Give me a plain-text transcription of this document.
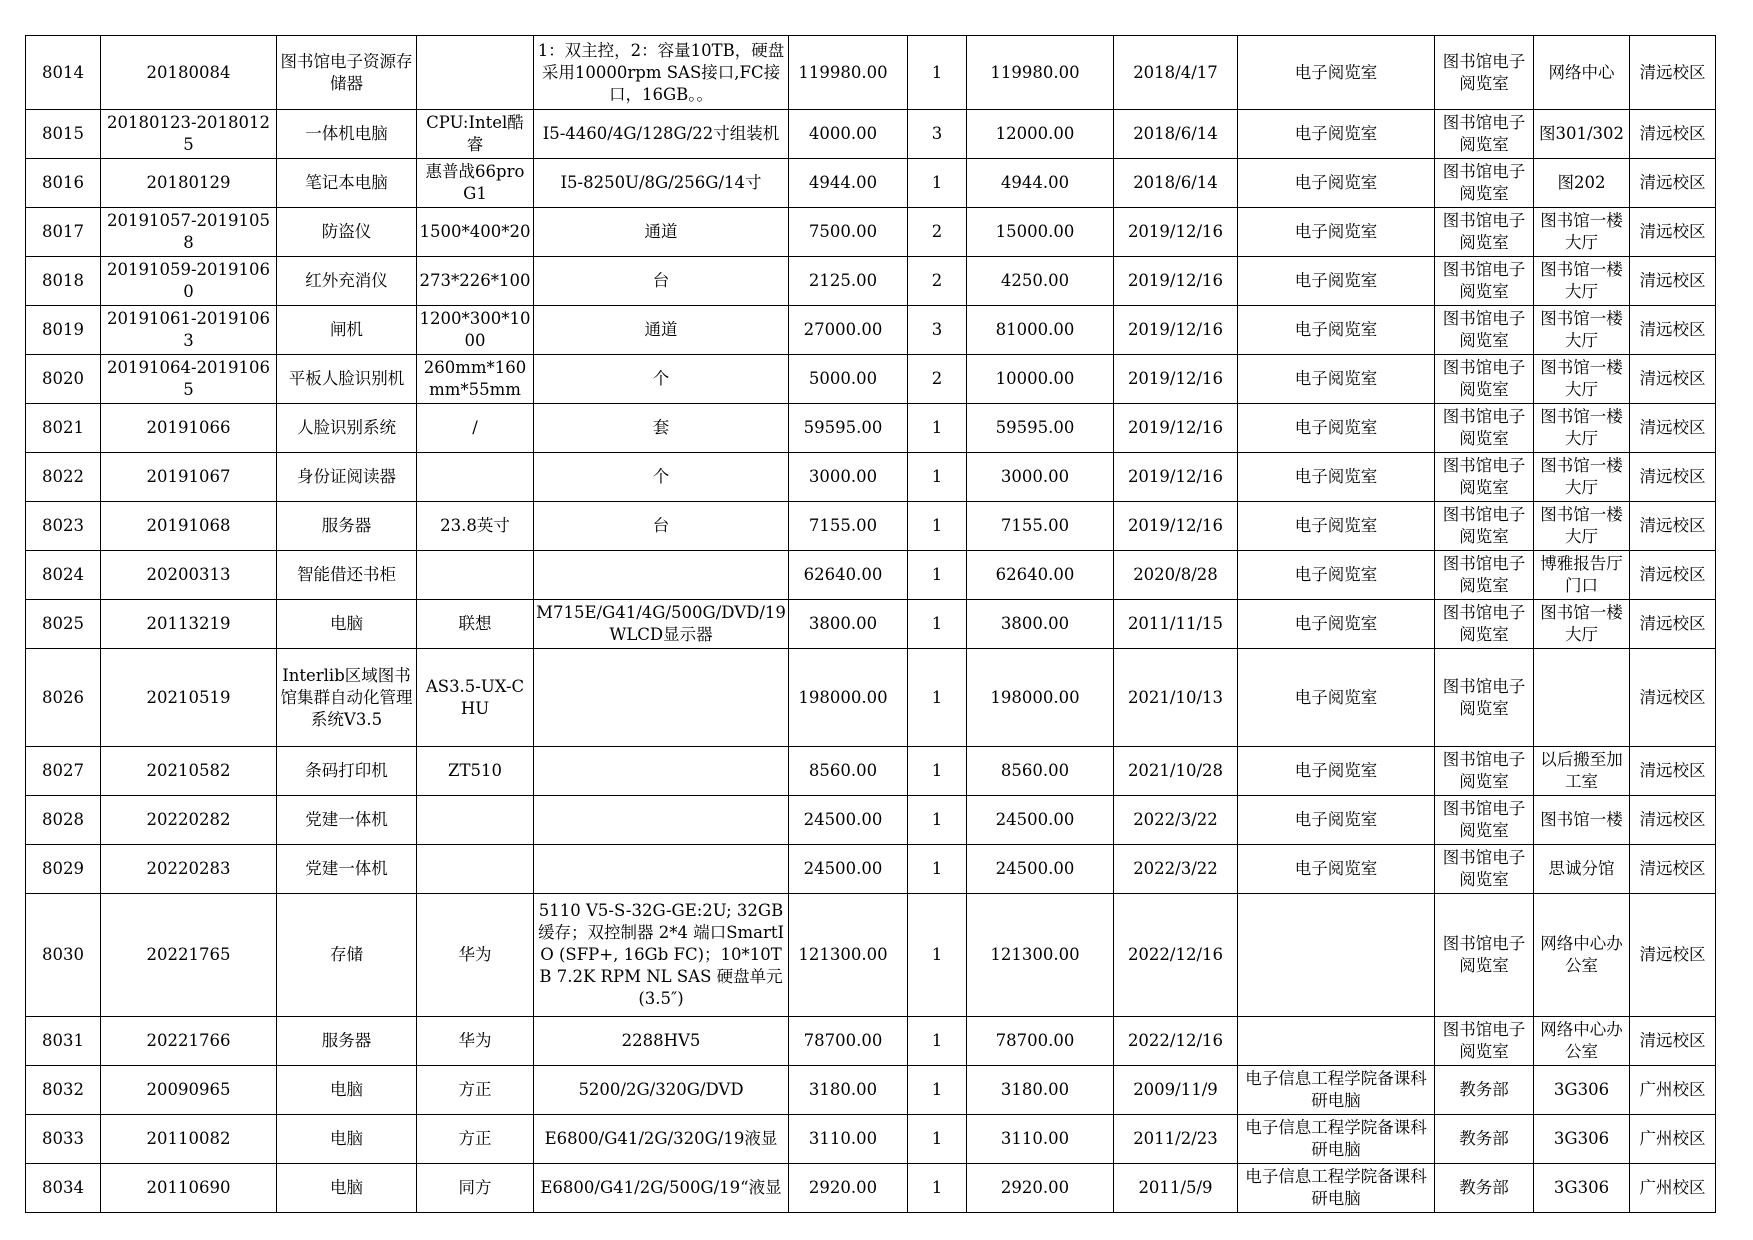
8014	20180084	图书馆电子资源存储器		1：双主控，2：容量10TB，硬盘采用10000rpm SAS接口,FC接口，16GB。。	119980.00	1	119980.00	2018/4/17	电子阅览室	图书馆电子阅览室	网络中心	清远校区
8015	20180123-20180125	一体机电脑	CPU:Intel酷睿	I5-4460/4G/128G/22寸组装机	4000.00	3	12000.00	2018/6/14	电子阅览室	图书馆电子阅览室	图301/302	清远校区
8016	20180129	笔记本电脑	惠普战66proG1	I5-8250U/8G/256G/14寸	4944.00	1	4944.00	2018/6/14	电子阅览室	图书馆电子阅览室	图202	清远校区
8017	20191057-20191058	防盗仪	1500*400*20	通道	7500.00	2	15000.00	2019/12/16	电子阅览室	图书馆电子阅览室	图书馆一楼大厅	清远校区
8018	20191059-20191060	红外充消仪	273*226*100	台	2125.00	2	4250.00	2019/12/16	电子阅览室	图书馆电子阅览室	图书馆一楼大厅	清远校区
8019	20191061-20191063	闸机	1200*300*1000	通道	27000.00	3	81000.00	2019/12/16	电子阅览室	图书馆电子阅览室	图书馆一楼大厅	清远校区
8020	20191064-20191065	平板人脸识别机	260mm*160mm*55mm	个	5000.00	2	10000.00	2019/12/16	电子阅览室	图书馆电子阅览室	图书馆一楼大厅	清远校区
8021	20191066	人脸识别系统	/	套	59595.00	1	59595.00	2019/12/16	电子阅览室	图书馆电子阅览室	图书馆一楼大厅	清远校区
8022	20191067	身份证阅读器		个	3000.00	1	3000.00	2019/12/16	电子阅览室	图书馆电子阅览室	图书馆一楼大厅	清远校区
8023	20191068	服务器	23.8英寸	台	7155.00	1	7155.00	2019/12/16	电子阅览室	图书馆电子阅览室	图书馆一楼大厅	清远校区
8024	20200313	智能借还书柜			62640.00	1	62640.00	2020/8/28	电子阅览室	图书馆电子阅览室	博雅报告厅门口	清远校区
8025	20113219	电脑	联想	M715E/G41/4G/500G/DVD/19WLCD显示器	3800.00	1	3800.00	2011/11/15	电子阅览室	图书馆电子阅览室	图书馆一楼大厅	清远校区
8026	20210519	Interlib区域图书馆集群自动化管理系统V3.5	AS3.5-UX-CHU		198000.00	1	198000.00	2021/10/13	电子阅览室	图书馆电子阅览室		清远校区
8027	20210582	条码打印机	ZT510		8560.00	1	8560.00	2021/10/28	电子阅览室	图书馆电子阅览室	以后搬至加工室	清远校区
8028	20220282	党建一体机			24500.00	1	24500.00	2022/3/22	电子阅览室	图书馆电子阅览室	图书馆一楼	清远校区
8029	20220283	党建一体机			24500.00	1	24500.00	2022/3/22	电子阅览室	图书馆电子阅览室	思诚分馆	清远校区
8030	20221765	存储	华为	5110 V5-S-32G-GE:2U; 32GB缓存；双控制器 2*4 端口SmartIO (SFP+, 16Gb FC)；10*10TB 7.2K RPM NL SAS 硬盘单元(3.5″)	121300.00	1	121300.00	2022/12/16		图书馆电子阅览室	网络中心办公室	清远校区
8031	20221766	服务器	华为	2288HV5	78700.00	1	78700.00	2022/12/16		图书馆电子阅览室	网络中心办公室	清远校区
8032	20090965	电脑	方正	5200/2G/320G/DVD	3180.00	1	3180.00	2009/11/9	电子信息工程学院备课科研电脑	教务部	3G306	广州校区
8033	20110082	电脑	方正	E6800/G41/2G/320G/19液显	3110.00	1	3110.00	2011/2/23	电子信息工程学院备课科研电脑	教务部	3G306	广州校区
8034	20110690	电脑	同方	E6800/G41/2G/500G/19“液显	2920.00	1	2920.00	2011/5/9	电子信息工程学院备课科研电脑	教务部	3G306	广州校区
